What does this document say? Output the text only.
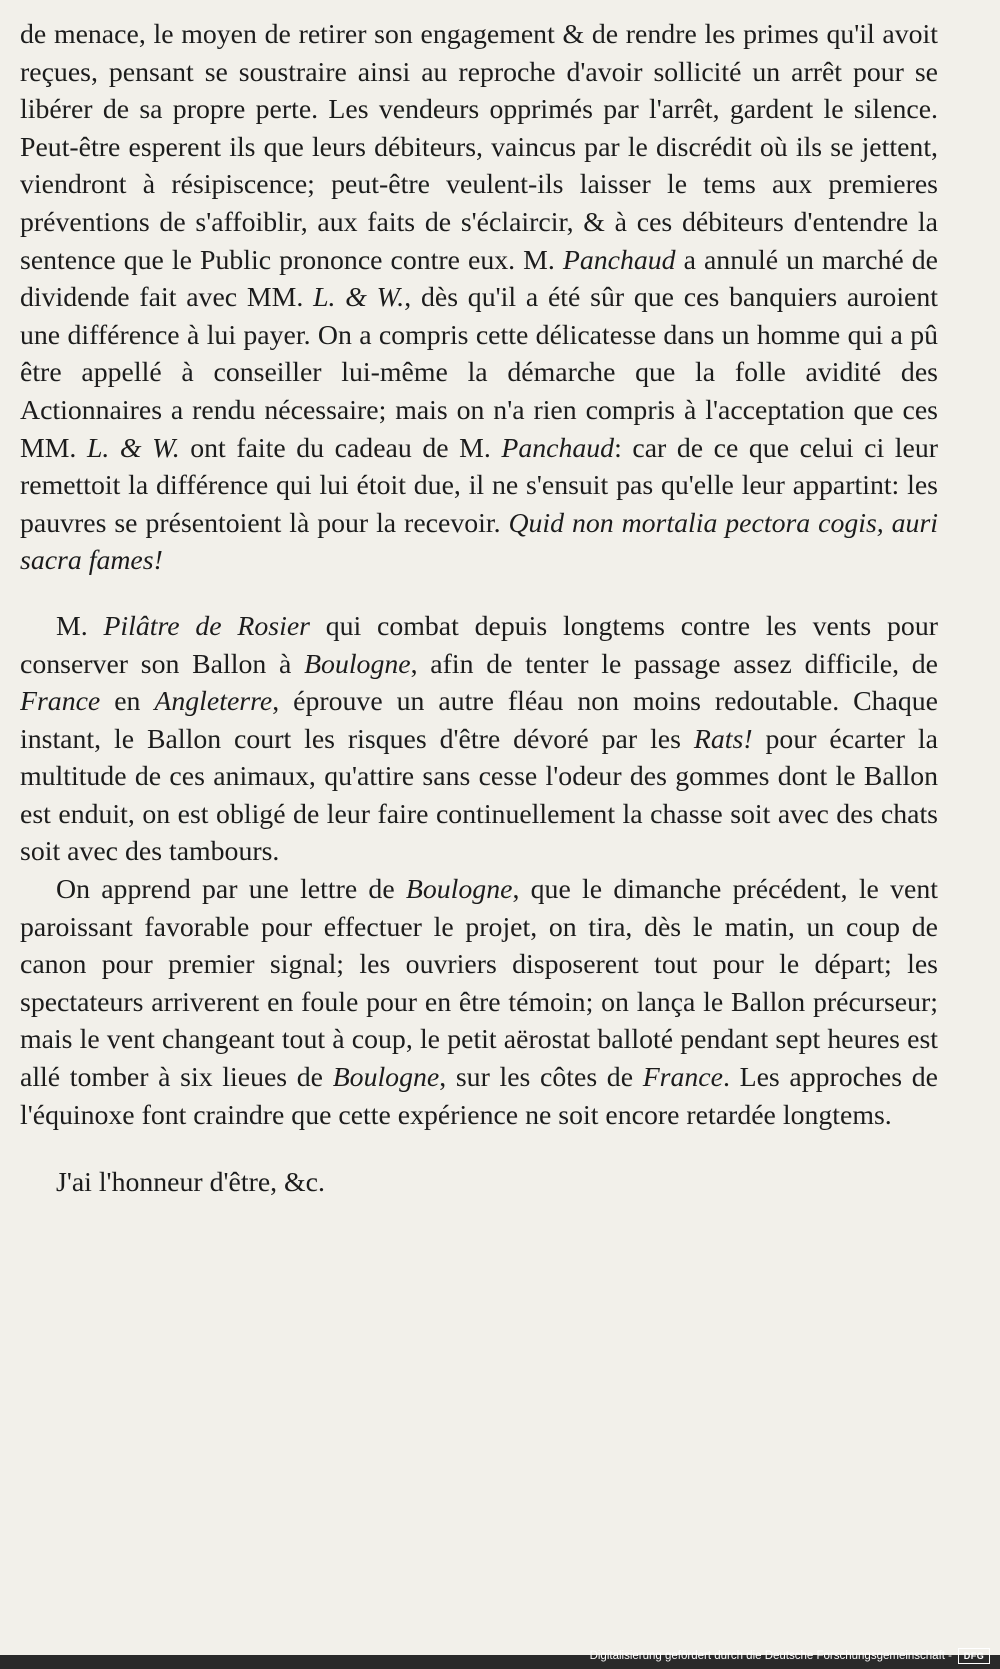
de menace, le moyen de retirer son engagement & de rendre les primes qu'il avoit reçues, pensant se soustraire ainsi au reproche d'avoir sollicité un arrêt pour se libérer de sa propre perte. Les vendeurs opprimés par l'arrêt, gardent le silence. Peut-être esperent ils que leurs débiteurs, vaincus par le discrédit où ils se jettent, viendront à résipiscence; peut-être veulent-ils laisser le tems aux premieres préventions de s'affoiblir, aux faits de s'éclaircir, & à ces débiteurs d'entendre la sentence que le Public prononce contre eux. M. Panchaud a annulé un marché de dividende fait avec MM. L. & W., dès qu'il a été sûr que ces banquiers auroient une différence à lui payer. On a compris cette délicatesse dans un homme qui a pû être appellé à conseiller lui-même la démarche que la folle avidité des Actionnaires a rendu nécessaire; mais on n'a rien compris à l'acceptation que ces MM. L. & W. ont faite du cadeau de M. Panchaud: car de ce que celui ci leur remettoit la différence qui lui étoit due, il ne s'ensuit pas qu'elle leur appartint: les pauvres se présentoient là pour la recevoir. Quid non mortalia pectora cogis, auri sacra fames!

M. Pilâtre de Rosier qui combat depuis longtems contre les vents pour conserver son Ballon à Boulogne, afin de tenter le passage assez difficile, de France en Angleterre, éprouve un autre fléau non moins redoutable. Chaque instant, le Ballon court les risques d'être dévoré par les Rats! pour écarter la multitude de ces animaux, qu'attire sans cesse l'odeur des gommes dont le Ballon est enduit, on est obligé de leur faire continuellement la chasse soit avec des chats soit avec des tambours.

On apprend par une lettre de Boulogne, que le dimanche précédent, le vent paroissant favorable pour effectuer le projet, on tira, dès le matin, un coup de canon pour premier signal; les ouvriers disposerent tout pour le départ; les spectateurs arriverent en foule pour en être témoin; on lança le Ballon précurseur; mais le vent changeant tout à coup, le petit aërostat balloté pendant sept heures est allé tomber à six lieues de Boulogne, sur les côtes de France. Les approches de l'équinoxe font craindre que cette expérience ne soit encore retardée longtems.

J'ai l'honneur d'être, &c.

Digitalisierung gefördert durch die Deutsche Forschungsgemeinschaft -	DFG
